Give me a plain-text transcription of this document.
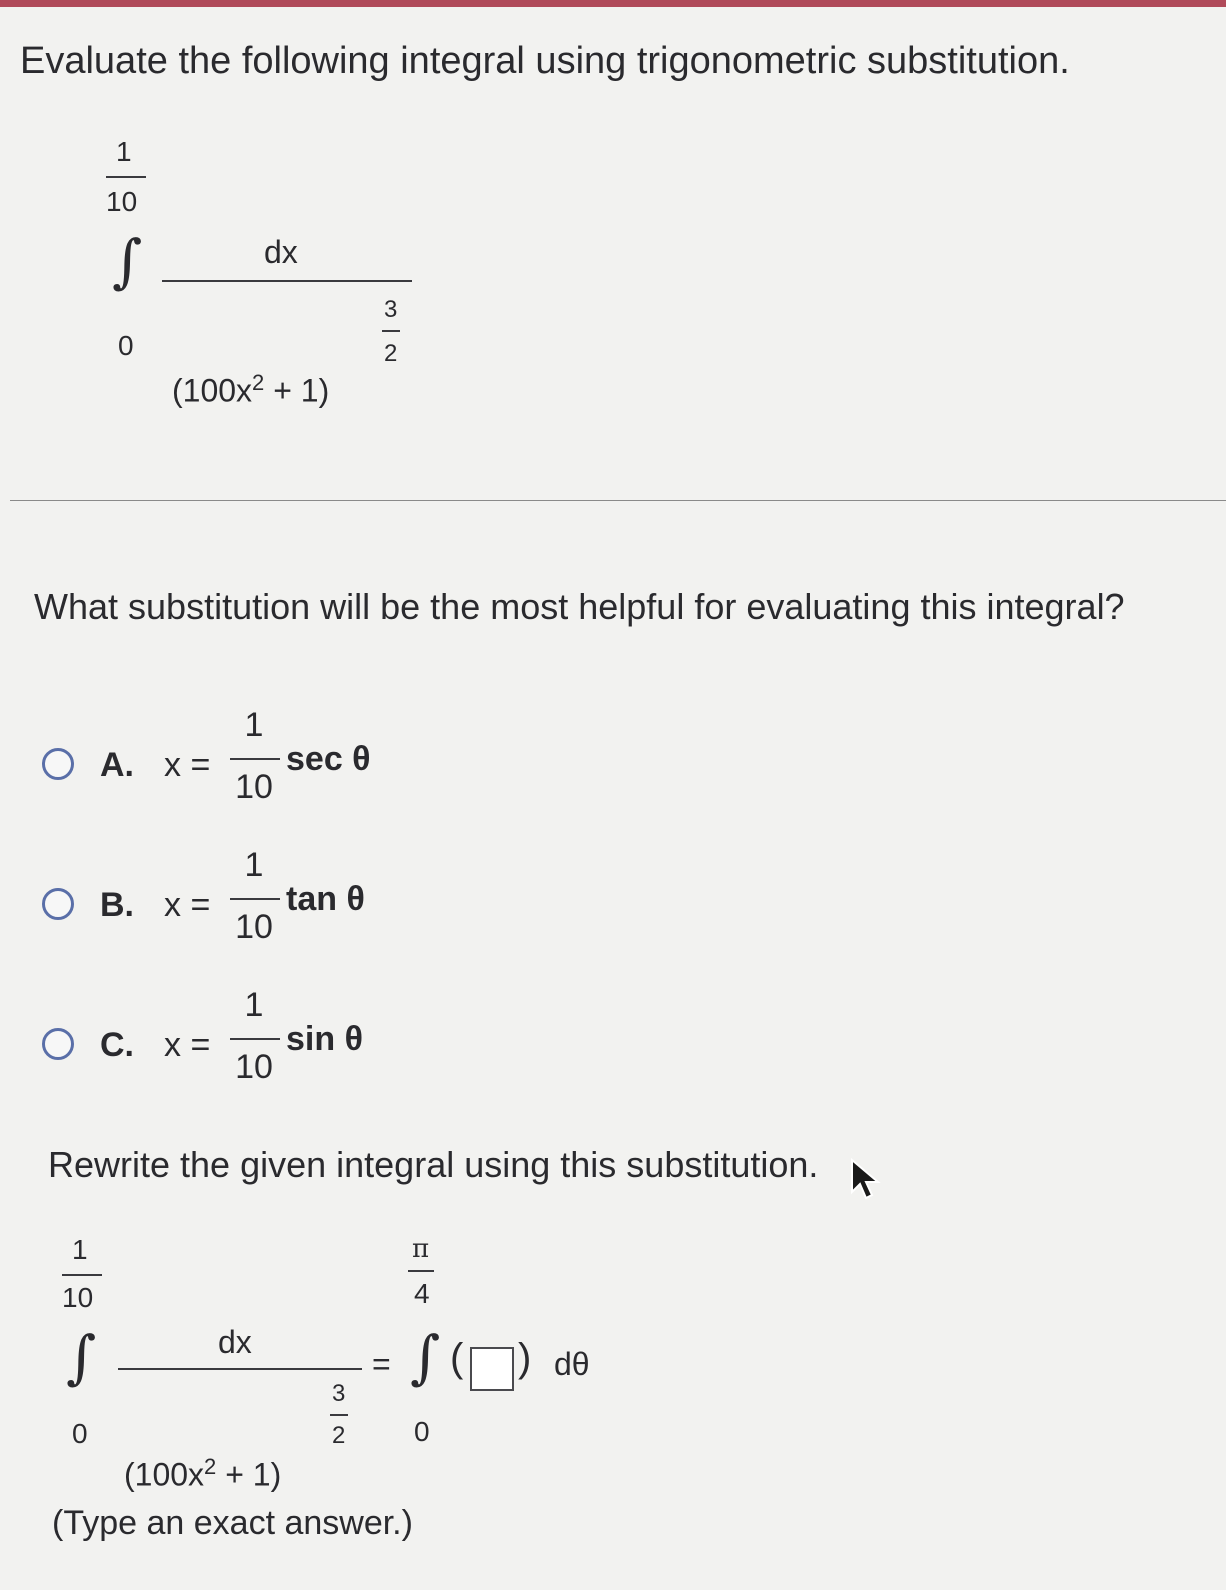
Evaluate the following integral using trigonometric substitution.
1
10
∫
0
dx
$(100x^2 + 1)$
3
2
What substitution will be the most helpful for evaluating this integral?
A. x =
1
10
sec θ
B. x =
1
10
tan θ
C. x =
1
10
sin θ
Rewrite the given integral using this substitution.
1
10
∫
0
dx
$(100x^2 + 1)$
3
2
=
π
4
∫
0
( ) dθ
(Type an exact answer.)
